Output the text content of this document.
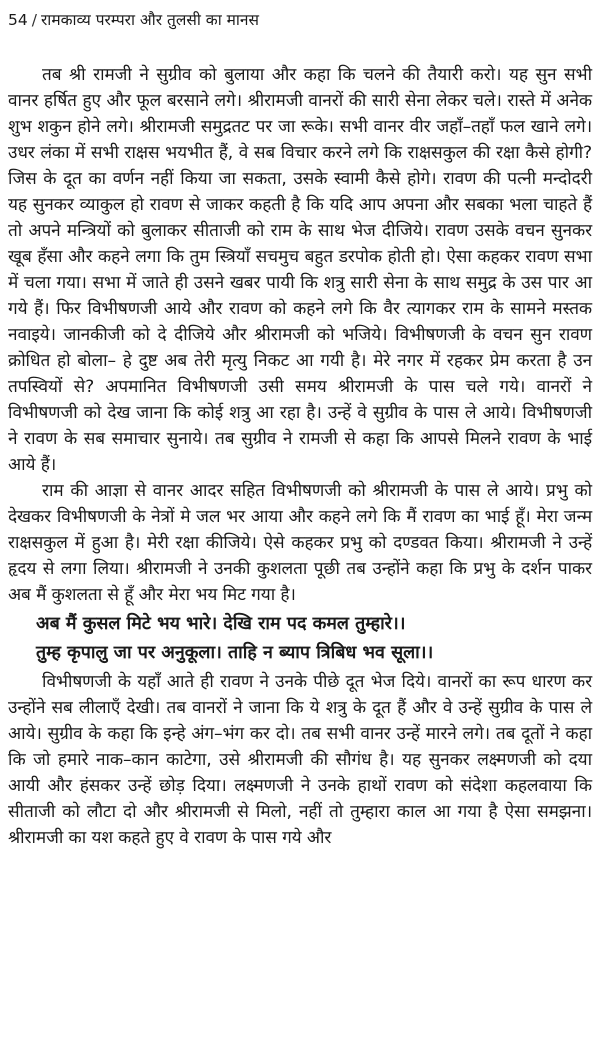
54 / रामकाव्य परम्परा और तुलसी का मानस

तब श्री रामजी ने सुग्रीव को बुलाया और कहा कि चलने की तैयारी करो। यह सुन सभी वानर हर्षित हुए और फूल बरसाने लगे। श्रीरामजी वानरों की सारी सेना लेकर चले। रास्ते में अनेक शुभ शकुन होने लगे। श्रीरामजी समुद्रतट पर जा रूके। सभी वानर वीर जहाँ–तहाँ फल खाने लगे। उधर लंका में सभी राक्षस भयभीत हैं, वे सब विचार करने लगे कि राक्षसकुल की रक्षा कैसे होगी? जिस के दूत का वर्णन नहीं किया जा सकता, उसके स्वामी कैसे होगे। रावण की पत्नी मन्दोदरी यह सुनकर व्याकुल हो रावण से जाकर कहती है कि यदि आप अपना और सबका भला चाहते हैं तो अपने मन्त्रियों को बुलाकर सीताजी को राम के साथ भेज दीजिये। रावण उसके वचन सुनकर खूब हँसा और कहने लगा कि तुम स्त्रियाँ सचमुच बहुत डरपोक होती हो। ऐसा कहकर रावण सभा में चला गया। सभा में जाते ही उसने खबर पायी कि शत्रु सारी सेना के साथ समुद्र के उस पार आ गये हैं। फिर विभीषणजी आये और रावण को कहने लगे कि वैर त्यागकर राम के सामने मस्तक नवाइये। जानकीजी को दे दीजिये और श्रीरामजी को भजिये। विभीषणजी के वचन सुन रावण क्रोधित हो बोला– हे दुष्ट अब तेरी मृत्यु निकट आ गयी है। मेरे नगर में रहकर प्रेम करता है उन तपस्वियों से? अपमानित विभीषणजी उसी समय श्रीरामजी के पास चले गये। वानरों ने विभीषणजी को देख जाना कि कोई शत्रु आ रहा है। उन्हें वे सुग्रीव के पास ले आये। विभीषणजी ने रावण के सब समाचार सुनाये। तब सुग्रीव ने रामजी से कहा कि आपसे मिलने रावण के भाई आये हैं।

राम की आज्ञा से वानर आदर सहित विभीषणजी को श्रीरामजी के पास ले आये। प्रभु को देखकर विभीषणजी के नेत्रों मे जल भर आया और कहने लगे कि मैं रावण का भाई हूँ। मेरा जन्म राक्षसकुल में हुआ है। मेरी रक्षा कीजिये। ऐसे कहकर प्रभु को दण्डवत किया। श्रीरामजी ने उन्हें हृदय से लगा लिया। श्रीरामजी ने उनकी कुशलता पूछी तब उन्होंने कहा कि प्रभु के दर्शन पाकर अब मैं कुशलता से हूँ और मेरा भय मिट गया है।

अब मैं कुसल मिटे भय भारे। देखि राम पद कमल तुम्हारे।।
तुम्ह कृपालु जा पर अनुकूला। ताहि न ब्याप त्रिबिध भव सूला।।

विभीषणजी के यहाँ आते ही रावण ने उनके पीछे दूत भेज दिये। वानरों का रूप धारण कर उन्होंने सब लीलाएँ देखी। तब वानरों ने जाना कि ये शत्रु के दूत हैं और वे उन्हें सुग्रीव के पास ले आये। सुग्रीव के कहा कि इन्हे अंग–भंग कर दो। तब सभी वानर उन्हें मारने लगे। तब दूतों ने कहा कि जो हमारे नाक–कान काटेगा, उसे श्रीरामजी की सौगंध है। यह सुनकर लक्ष्मणजी को दया आयी और हंसकर उन्हें छोड़ दिया। लक्ष्मणजी ने उनके हाथों रावण को संदेशा कहलवाया कि सीताजी को लौटा दो और श्रीरामजी से मिलो, नहीं तो तुम्हारा काल आ गया है ऐसा समझना। श्रीरामजी का यश कहते हुए वे रावण के पास गये और
